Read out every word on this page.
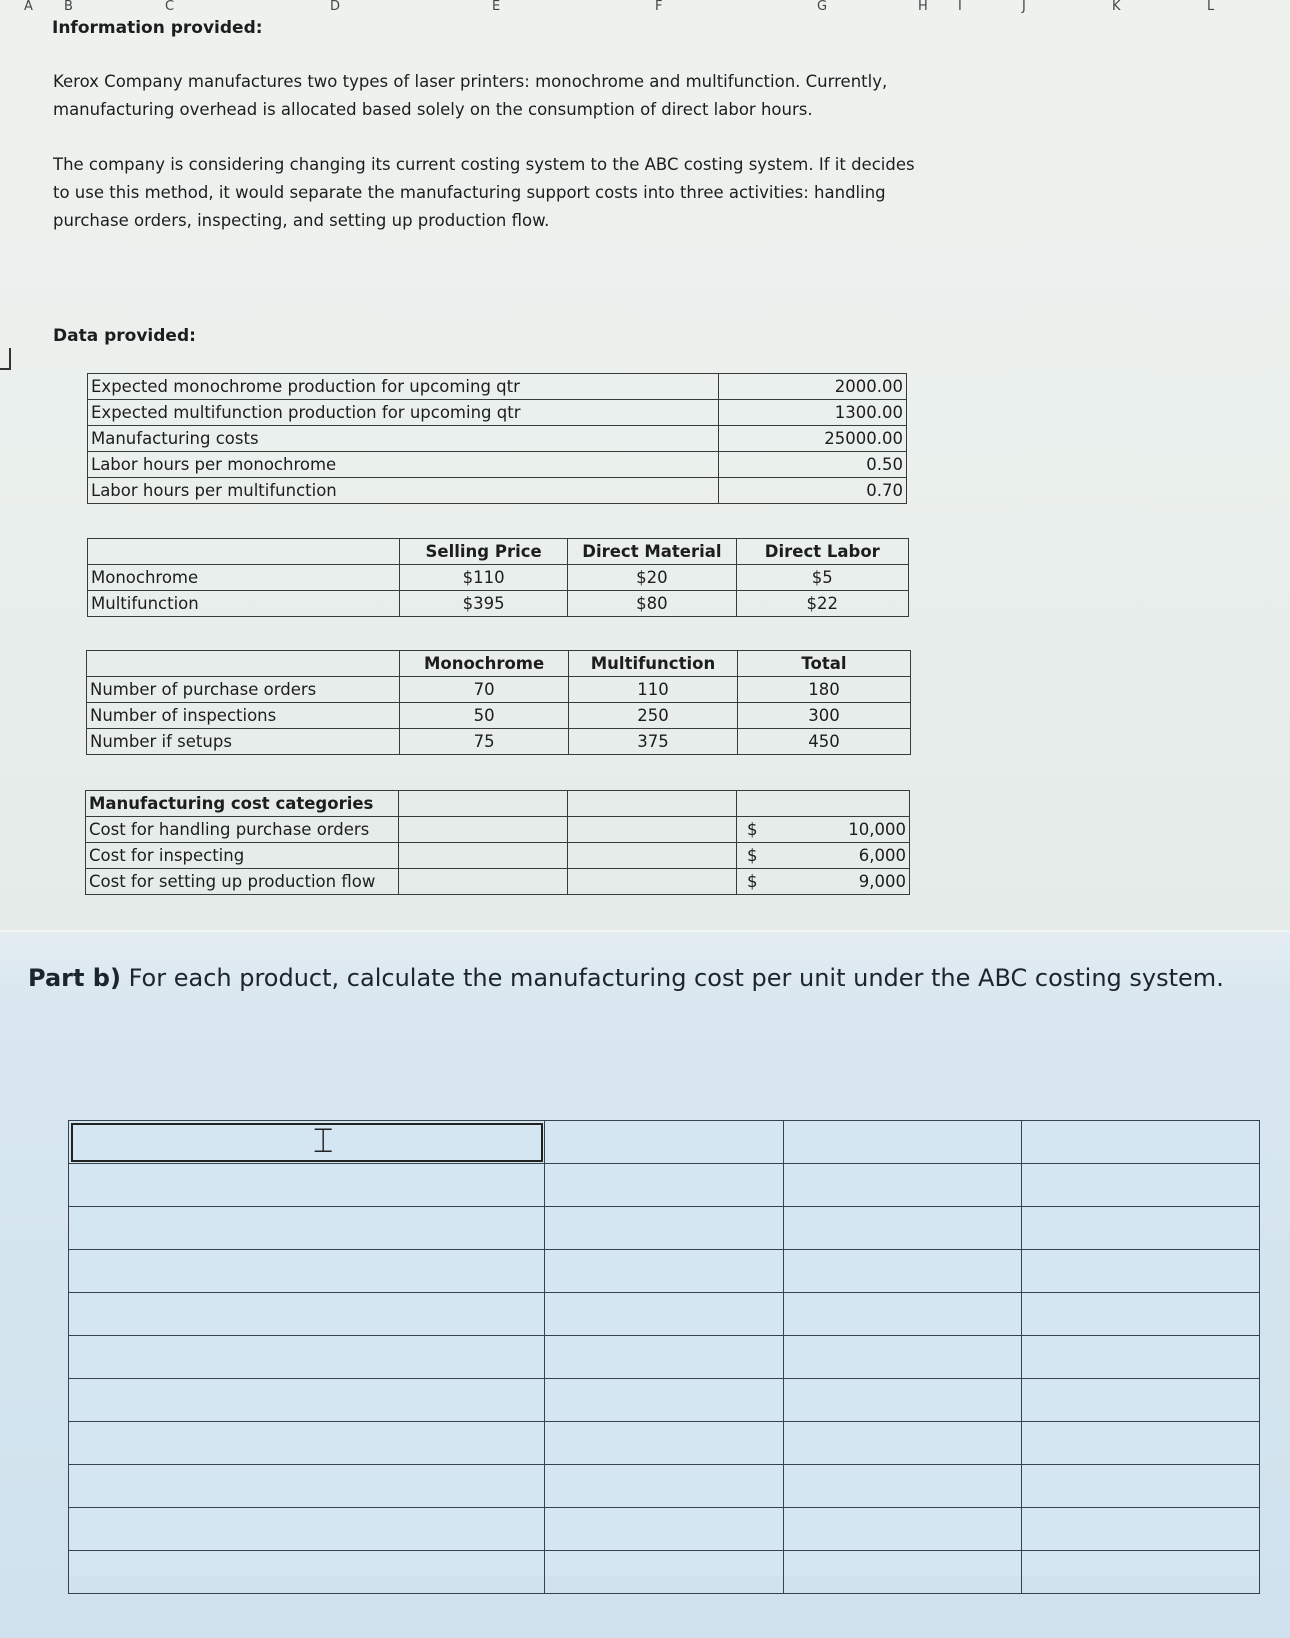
A B	C	D	E	F	G	H I	J	K	L
Information provided:
Kerox Company manufactures two types of laser printers: monochrome and multifunction. Currently,
manufacturing overhead is allocated based solely on the consumption of direct labor hours.
The company is considering changing its current costing system to the ABC costing system. If it decides
to use this method, it would separate the manufacturing support costs into three activities: handling
purchase orders, inspecting, and setting up production flow.
Data provided:
Expected monochrome production for upcoming qtr	2000.00
Expected multifunction production for upcoming qtr	1300.00
Manufacturing costs	25000.00
Labor hours per monochrome	0.50
Labor hours per multifunction	0.70
	Selling Price	Direct Material	Direct Labor
Monochrome	$110	$20	$5
Multifunction	$395	$80	$22
	Monochrome	Multifunction	Total
Number of purchase orders	70	110	180
Number of inspections	50	250	300
Number if setups	75	375	450
Manufacturing cost categories				
Cost for handling purchase orders			$	10,000
Cost for inspecting			$	6,000
Cost for setting up production flow			$	9,000
Part b) For each product, calculate the manufacturing cost per unit under the ABC costing system.

⌶
